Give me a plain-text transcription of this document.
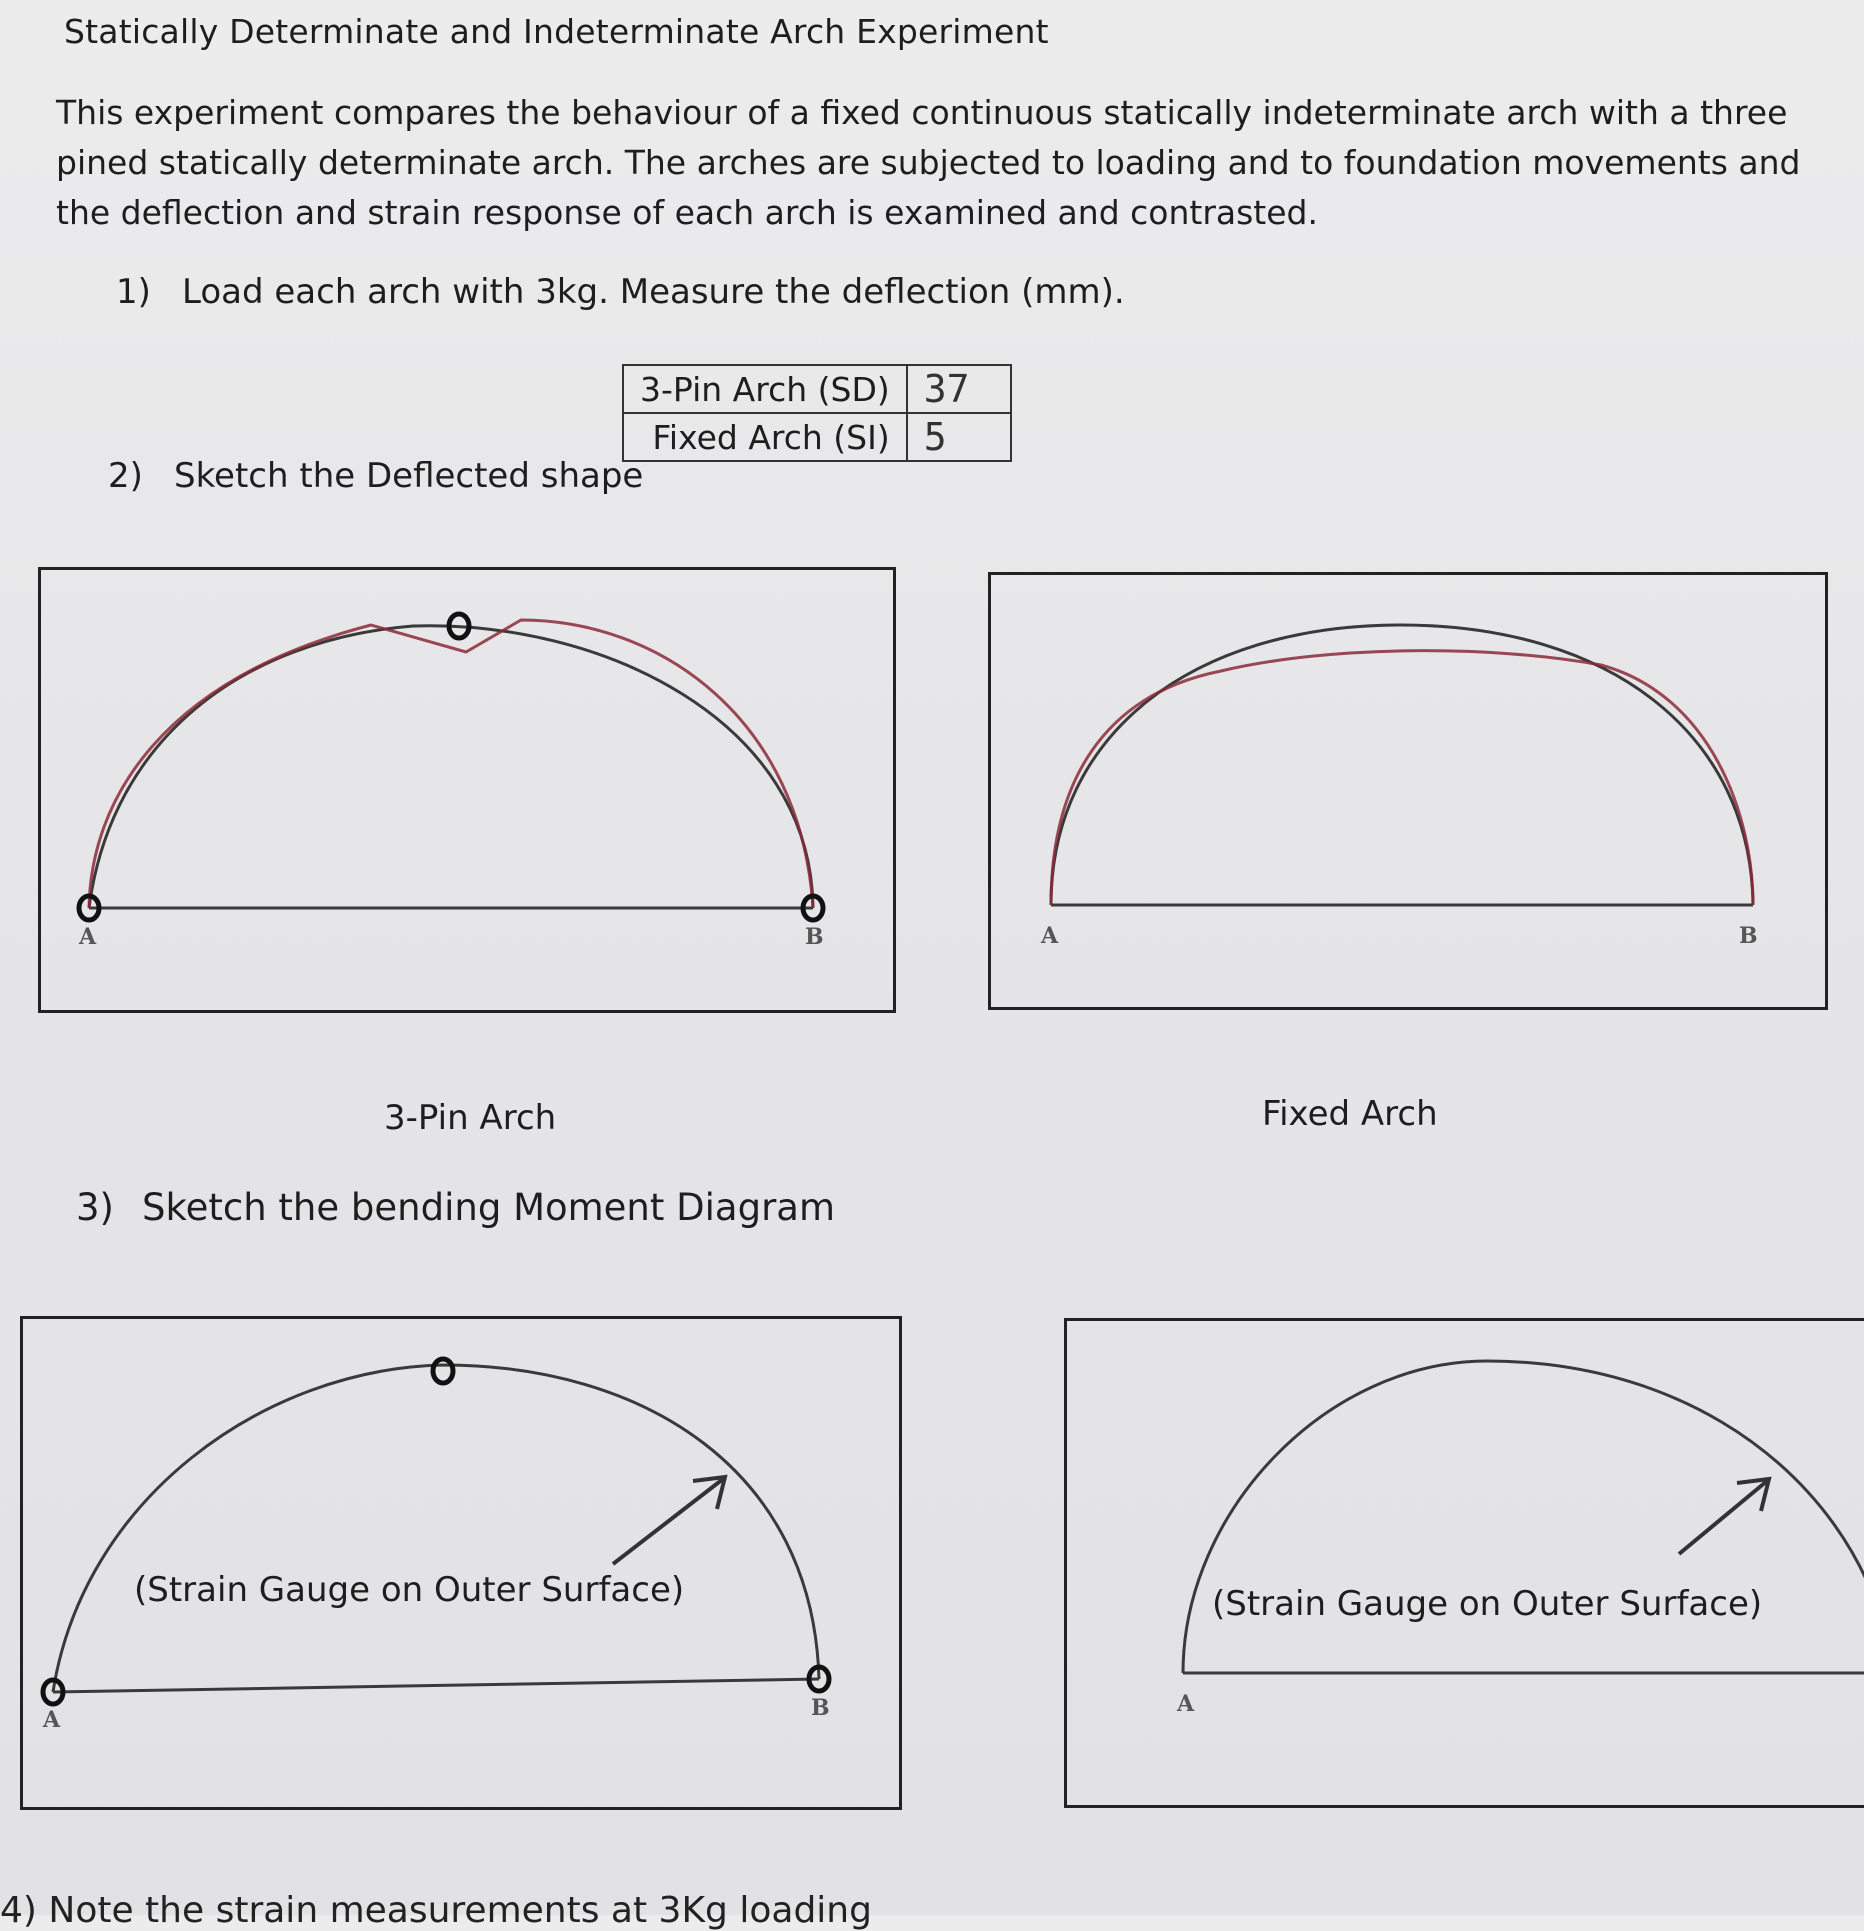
Statically Determinate and Indeterminate Arch Experiment
This experiment compares the behaviour of a fixed continuous statically indeterminate arch with a three pined statically determinate arch. The arches are subjected to loading and to foundation movements and the deflection and strain response of each arch is examined and contrasted.
1) Load each arch with 3kg. Measure the deflection (mm).
3-Pin Arch (SD)	37
Fixed Arch (SI)	5
2) Sketch the Deflected shape
A	B	A	B
3-Pin Arch	Fixed Arch
3) Sketch the bending Moment Diagram
A	B
(Strain Gauge on Outer Surface)
A
(Strain Gauge on Outer Surface)
4) Note the strain measurements at 3Kg loading
